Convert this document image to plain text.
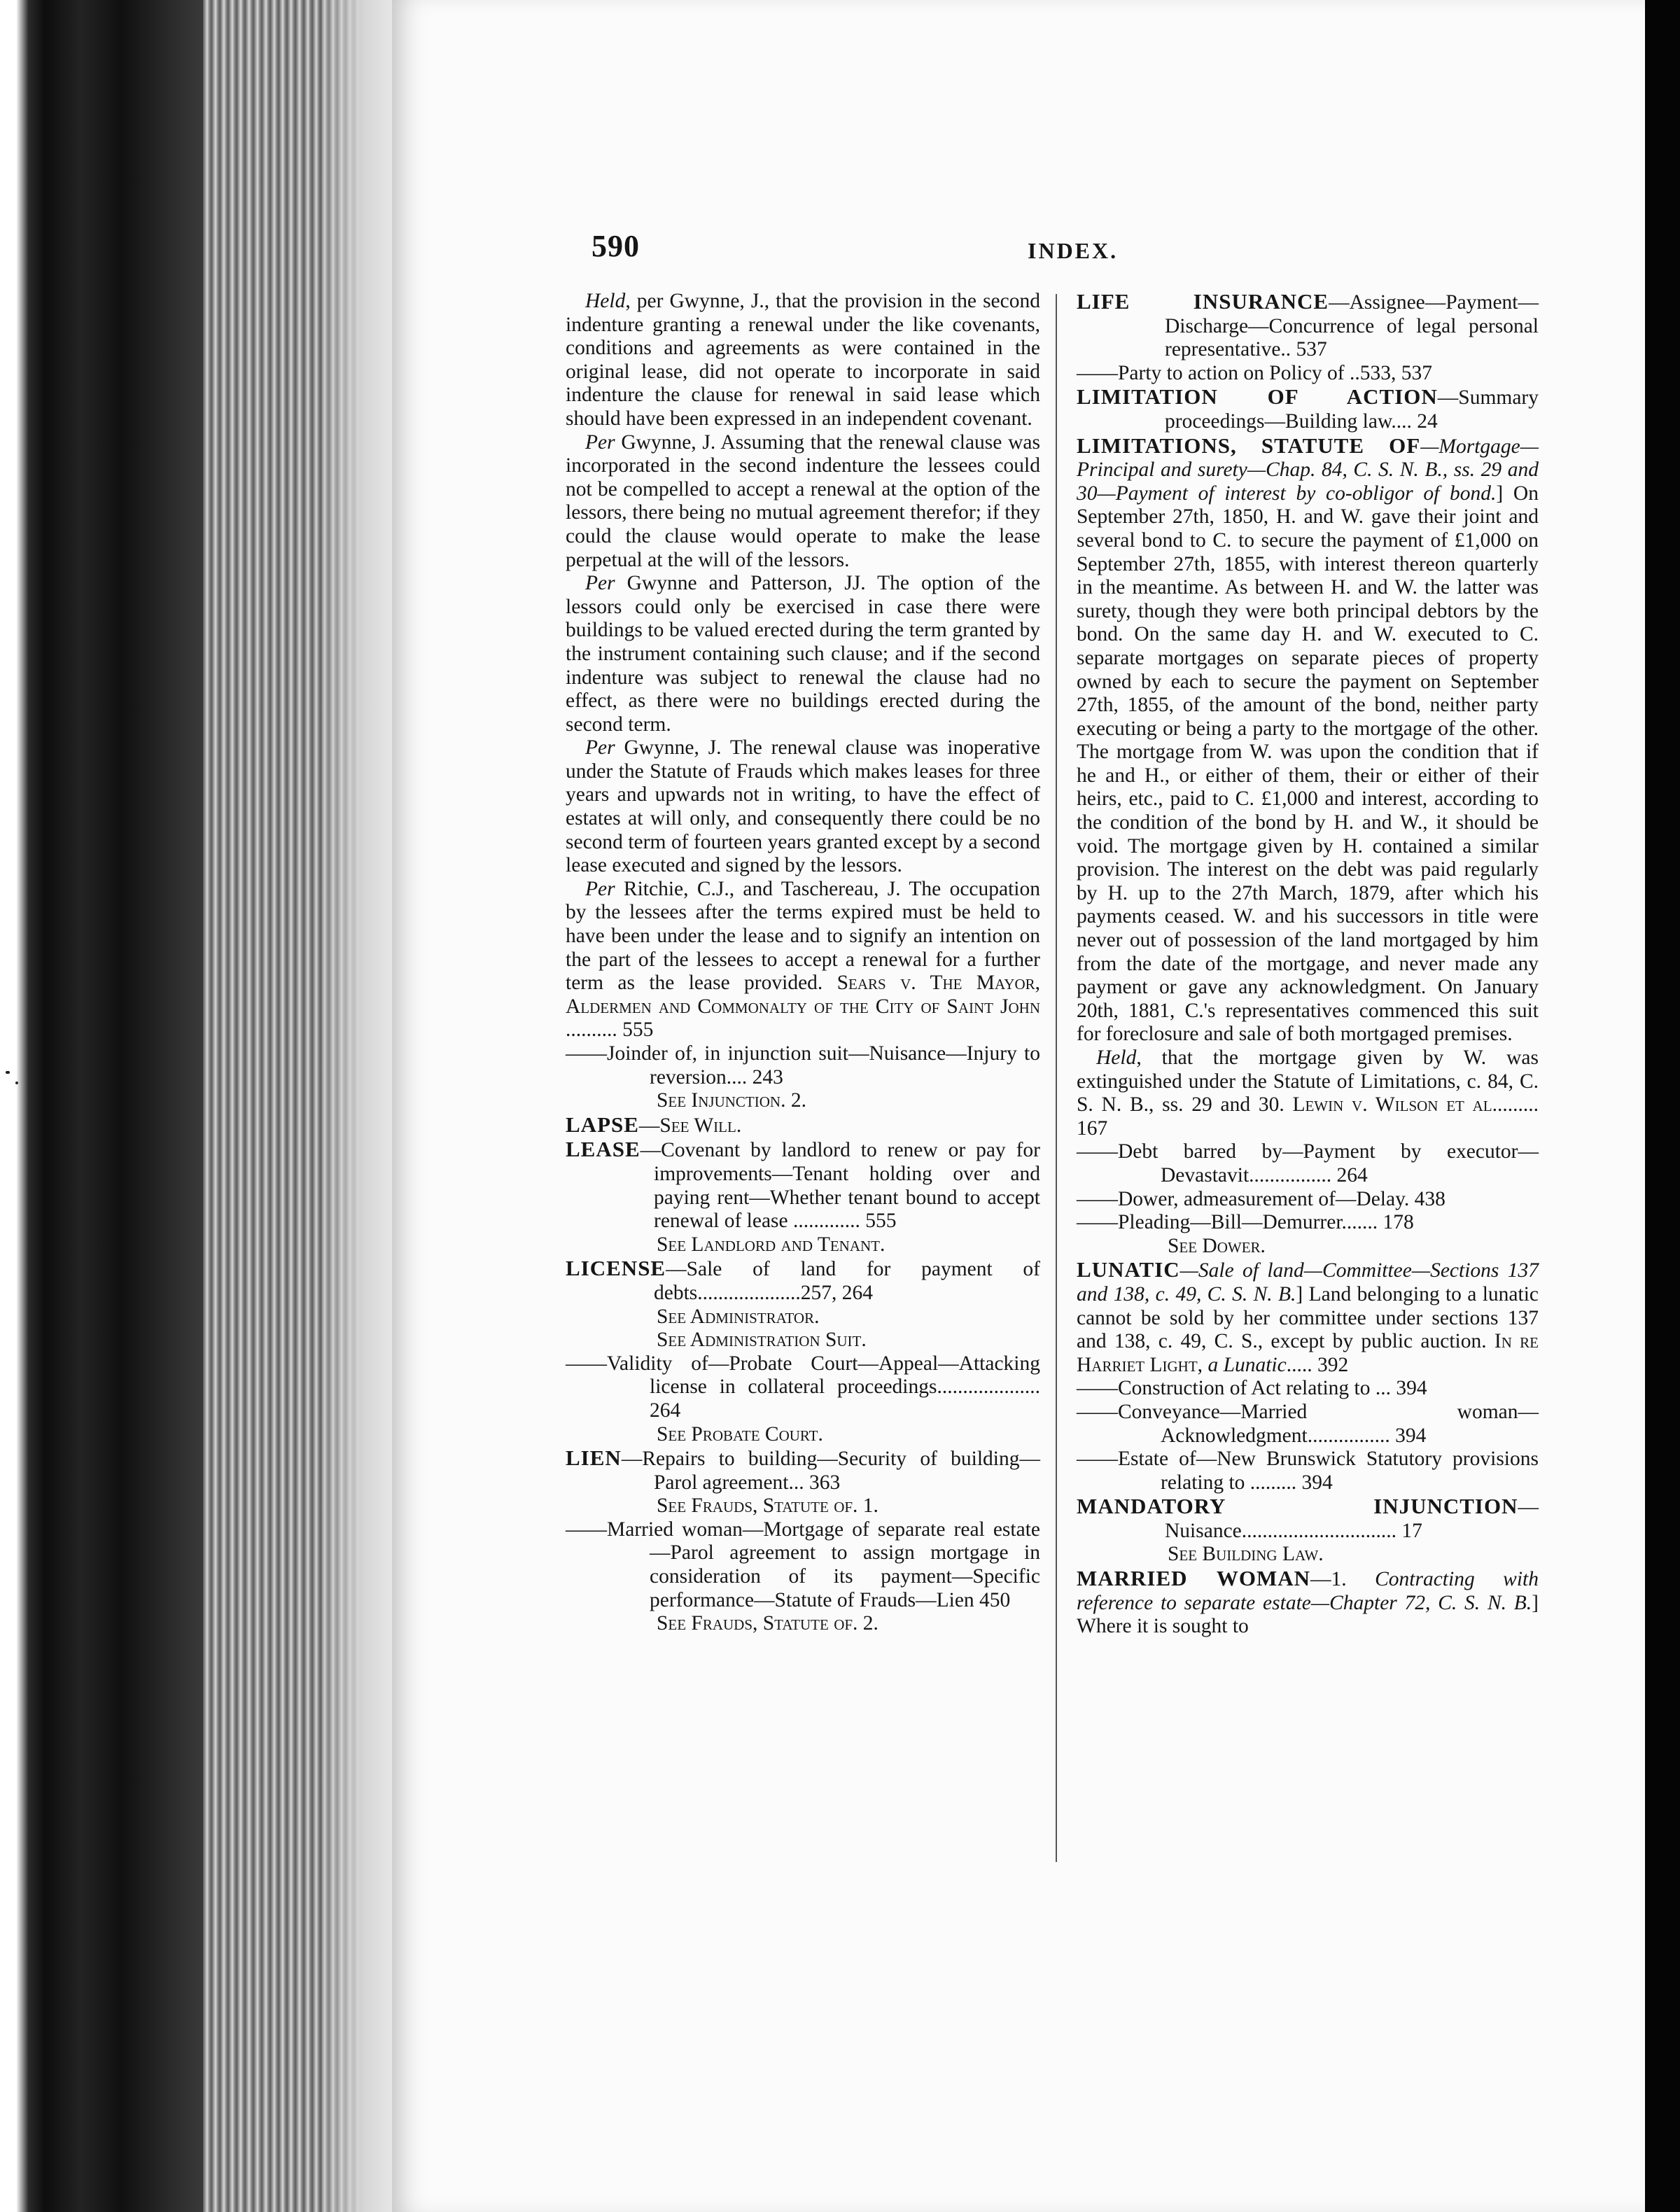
590	INDEX.

Held, per Gwynne, J., that the provision in the second indenture granting a renewal under the like covenants, conditions and agreements as were contained in the original lease, did not operate to incorporate in said indenture the clause for renewal in said lease which should have been expressed in an independent covenant.

Per Gwynne, J. Assuming that the renewal clause was incorporated in the second indenture the lessees could not be compelled to accept a renewal at the option of the lessors, there being no mutual agreement therefor; if they could the clause would operate to make the lease perpetual at the will of the lessors.

Per Gwynne and Patterson, JJ. The option of the lessors could only be exercised in case there were buildings to be valued erected during the term granted by the instrument containing such clause; and if the second indenture was subject to renewal the clause had no effect, as there were no buildings erected during the second term.

Per Gwynne, J. The renewal clause was inoperative under the Statute of Frauds which makes leases for three years and upwards not in writing, to have the effect of estates at will only, and consequently there could be no second term of fourteen years granted except by a second lease executed and signed by the lessors.

Per Ritchie, C.J., and Taschereau, J. The occupation by the lessees after the terms expired must be held to have been under the lease and to signify an intention on the part of the lessees to accept a renewal for a further term as the lease provided. Sears v. The Mayor, Aldermen and Commonalty of the City of Saint John .......... 555

——Joinder of, in injunction suit—Nuisance—Injury to reversion.... 243

See Injunction. 2.

LAPSE—See Will.

LEASE—Covenant by landlord to renew or pay for improvements—Tenant holding over and paying rent—Whether tenant bound to accept renewal of lease ............. 555

See Landlord and Tenant.

LICENSE—Sale of land for payment of debts....................257, 264

See Administrator.

See Administration Suit.

——Validity of—Probate Court—Appeal—Attacking license in collateral proceedings.................... 264

See Probate Court.

LIEN—Repairs to building—Security of building—Parol agreement... 363

See Frauds, Statute of. 1.

——Married woman—Mortgage of separate real estate—Parol agreement to assign mortgage in consideration of its payment—Specific performance—Statute of Frauds—Lien 450

See Frauds, Statute of. 2.

LIFE INSURANCE—Assignee—Payment—Discharge—Concurrence of legal personal representative.. 537

——Party to action on Policy of ..533, 537

LIMITATION OF ACTION—Summary proceedings—Building law.... 24

LIMITATIONS, STATUTE OF—Mortgage—Principal and surety—Chap. 84, C. S. N. B., ss. 29 and 30—Payment of interest by co-obligor of bond.] On September 27th, 1850, H. and W. gave their joint and several bond to C. to secure the payment of £1,000 on September 27th, 1855, with interest thereon quarterly in the meantime. As between H. and W. the latter was surety, though they were both principal debtors by the bond. On the same day H. and W. executed to C. separate mortgages on separate pieces of property owned by each to secure the payment on September 27th, 1855, of the amount of the bond, neither party executing or being a party to the mortgage of the other. The mortgage from W. was upon the condition that if he and H., or either of them, their or either of their heirs, etc., paid to C. £1,000 and interest, according to the condition of the bond by H. and W., it should be void. The mortgage given by H. contained a similar provision. The interest on the debt was paid regularly by H. up to the 27th March, 1879, after which his payments ceased. W. and his successors in title were never out of possession of the land mortgaged by him from the date of the mortgage, and never made any payment or gave any acknowledgment. On January 20th, 1881, C.'s representatives commenced this suit for foreclosure and sale of both mortgaged premises.

Held, that the mortgage given by W. was extinguished under the Statute of Limitations, c. 84, C. S. N. B., ss. 29 and 30. Lewin v. Wilson et al......... 167

——Debt barred by—Payment by executor—Devastavit................ 264

——Dower, admeasurement of—Delay. 438

——Pleading—Bill—Demurrer....... 178

See Dower.

LUNATIC—Sale of land—Committee—Sections 137 and 138, c. 49, C. S. N. B.] Land belonging to a lunatic cannot be sold by her committee under sections 137 and 138, c. 49, C. S., except by public auction. In re Harriet Light, a Lunatic..... 392

——Construction of Act relating to ... 394

——Conveyance—Married woman—Acknowledgment................ 394

——Estate of—New Brunswick Statutory provisions relating to ......... 394

MANDATORY INJUNCTION—Nuisance.............................. 17

See Building Law.

MARRIED WOMAN—1. Contracting with reference to separate estate—Chapter 72, C. S. N. B.] Where it is sought to
